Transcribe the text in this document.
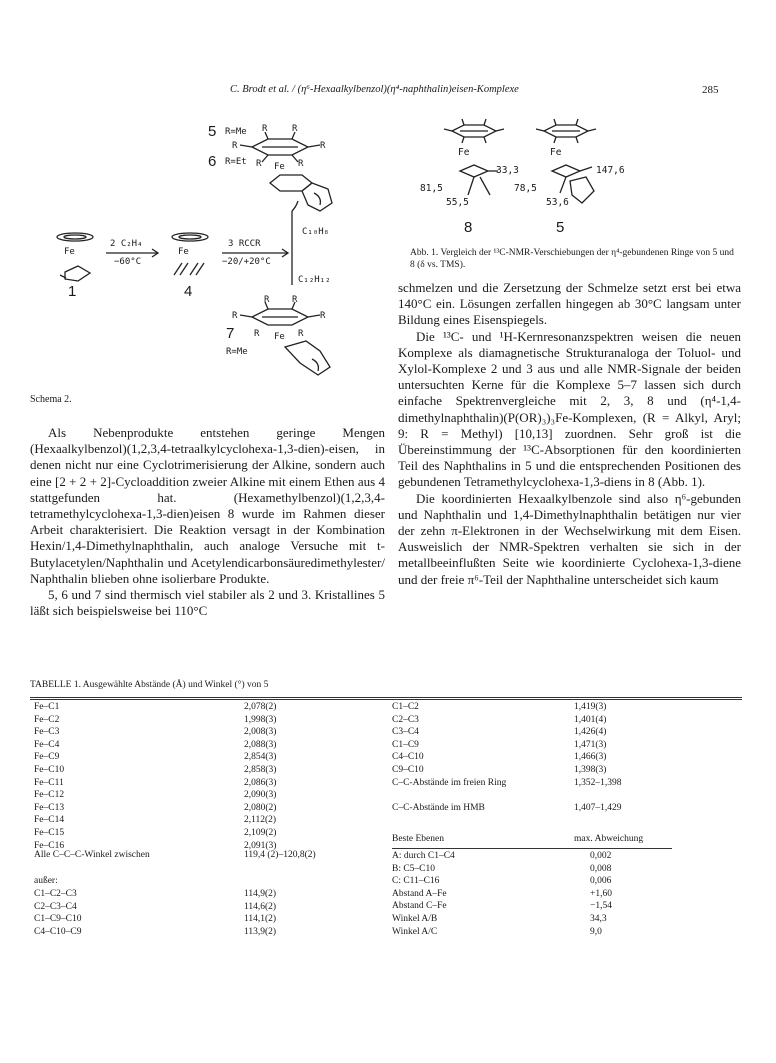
C. Brodt et al. / (η⁶-Hexaalkylbenzol)(η⁴-naphthalin)eisen-Komplexe	285
5 R=Me R	R
R	R
6 R=Et R Fe R
Fe
1
2 C₂H₄
−60°C
Fe
4
3 RCCR
−20/+20°C
C₁₀H₈
C₁₂H₁₂
R	R
R	R
7 R Fe R
R=Me
Schema 2.
Fe
33,3
81,5
55,5
Fe
147,6
78,5
53,6
8	5
Abb. 1. Vergleich der ¹³C-NMR-Verschiebungen der η⁴-gebundenen Ringe von 5 und 8 (δ vs. TMS).

Als Nebenprodukte entstehen geringe Mengen (Hexaalkylbenzol)(1,2,3,4-tetraalkylcyclohexa-1,3-dien)-eisen, in denen nicht nur eine Cyclotrimerisierung der Alkine, sondern auch eine [2 + 2 + 2]-Cycloaddition zweier Alkine mit einem Ethen aus 4 stattgefunden hat. (Hexamethylbenzol)(1,2,3,4-tetramethylcyclohexa-1,3-dien)eisen 8 wurde im Rahmen dieser Arbeit charakterisiert. Die Reaktion versagt in der Kombination Hexin/1,4-Dimethylnaphthalin, auch analoge Versuche mit t-Butylacetylen/Naphthalin und Acetylendicarbonsäuredimethylester/ Naphthalin blieben ohne isolierbare Produkte.

5, 6 und 7 sind thermisch viel stabiler als 2 und 3. Kristallines 5 läßt sich beispielsweise bei 110°C

schmelzen und die Zersetzung der Schmelze setzt erst bei etwa 140°C ein. Lösungen zerfallen hingegen ab 30°C langsam unter Bildung eines Eisenspiegels.

Die ¹³C- und ¹H-Kernresonanzspektren weisen die neuen Komplexe als diamagnetische Strukturanaloga der Toluol- und Xylol-Komplexe 2 und 3 aus und alle NMR-Signale der beiden untersuchten Kerne für die Komplexe 5–7 lassen sich durch einfache Spektrenvergleiche mit 2, 3, 8 und (η⁴-1,4-dimethylnaphthalin)(P(OR)₃)₃Fe-Komplexen, (R = Alkyl, Aryl; 9: R = Methyl) [10,13] zuordnen. Sehr groß ist die Übereinstimmung der ¹³C-Absorptionen für den koordinierten Teil des Naphthalins in 5 und die entsprechenden Positionen des gebundenen Tetramethylcyclohexa-1,3-diens in 8 (Abb. 1).

Die koordinierten Hexaalkylbenzole sind also η⁶-gebunden und Naphthalin und 1,4-Dimethylnaphthalin betätigen nur vier der zehn π-Elektronen in der Wechselwirkung mit dem Eisen. Ausweislich der NMR-Spektren verhalten sie sich in der metallbeeinflußten Seite wie koordinierte Cyclohexa-1,3-diene und der freie π⁶-Teil der Naphthaline unterscheidet sich kaum

TABELLE 1. Ausgewählte Abstände (Å) und Winkel (°) von 5
Fe–C1	2,078(2)
Fe–C2	1,998(3)
Fe–C3	2,008(3)
Fe–C4	2,088(3)
Fe–C9	2,854(3)
Fe–C10	2,858(3)
Fe–C11	2,086(3)
Fe–C12	2,090(3)
Fe–C13	2,080(2)
Fe–C14	2,112(2)
Fe–C15	2,109(2)
Fe–C16	2,091(3)
Alle C–C–C-Winkel zwischen	119,4 (2)–120,8(2)
außer:
C1–C2–C3	114,9(2)
C2–C3–C4	114,6(2)
C1–C9–C10	114,1(2)
C4–C10–C9	113,9(2)
C1–C2	1,419(3)
C2–C3	1,401(4)
C3–C4	1,426(4)
C1–C9	1,471(3)
C4–C10	1,466(3)
C9–C10	1,398(3)
C–C-Abstände im freien Ring	1,352–1,398
C–C-Abstände im HMB	1,407–1,429
Beste Ebenen	max. Abweichung
A: durch C1–C4	0,002
B: C5–C10	0,008
C: C11–C16	0,006
Abstand A–Fe	+1,60
Abstand C–Fe	−1,54
Winkel A/B	34,3
Winkel A/C	9,0
